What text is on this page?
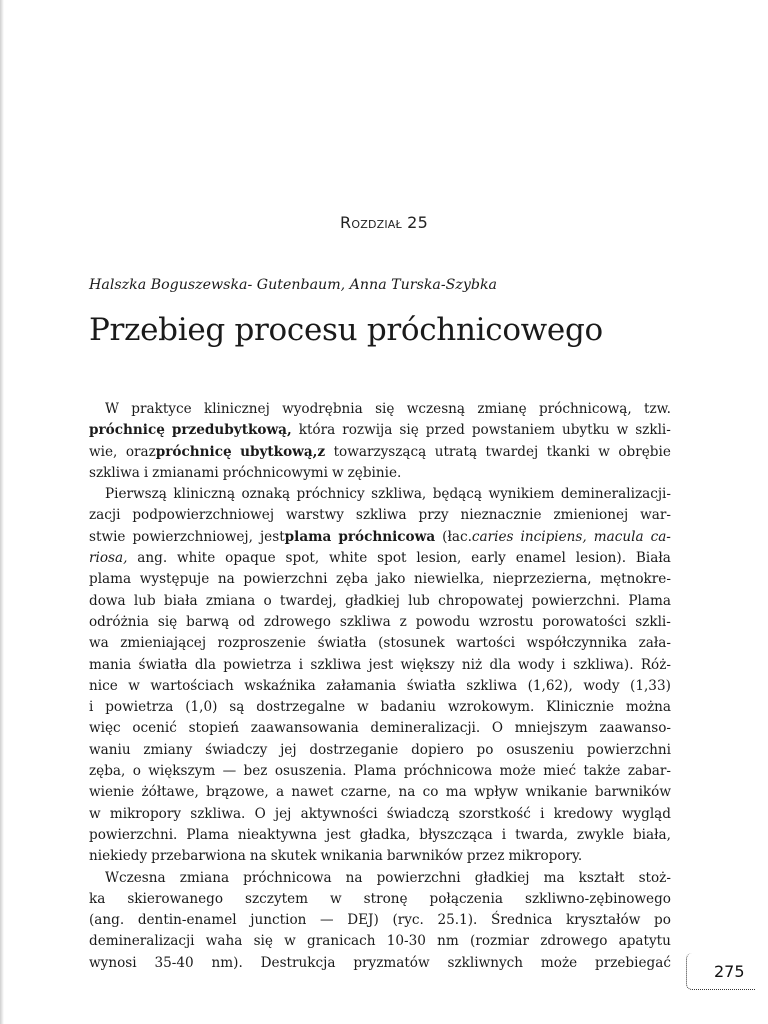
Rozdział 25
Halszka Boguszewska- Gutenbaum, Anna Turska-Szybka
Przebieg procesu próchnicowego
W praktyce klinicznej wyodrębnia się wczesną zmianę próchnicową, tzw.
próchnicę przedubytkową, która rozwija się przed powstaniem ubytku w szkli-
wie, orazpróchnicę ubytkową,z towarzyszącą utratą twardej tkanki w obrębie
szkliwa i zmianami próchnicowymi w zębinie.
Pierwszą kliniczną oznaką próchnicy szkliwa, będącą wynikiem demineralizacji-
zacji podpowierzchniowej warstwy szkliwa przy nieznacznie zmienionej war-
stwie powierzchniowej, jestplama próchnicowa (łac.caries incipiens, macula ca-
riosa, ang. white opaque spot, white spot lesion, early enamel lesion). Biała
plama występuje na powierzchni zęba jako niewielka, nieprzezierna, mętnokre-
dowa lub biała zmiana o twardej, gładkiej lub chropowatej powierzchni. Plama
odróżnia się barwą od zdrowego szkliwa z powodu wzrostu porowatości szkli-
wa zmieniającej rozproszenie światła (stosunek wartości współczynnika zała-
mania światła dla powietrza i szkliwa jest większy niż dla wody i szkliwa). Róż-
nice w wartościach wskaźnika załamania światła szkliwa (1,62), wody (1,33)
i powietrza (1,0) są dostrzegalne w badaniu wzrokowym. Klinicznie można
więc ocenić stopień zaawansowania demineralizacji. O mniejszym zaawanso-
waniu zmiany świadczy jej dostrzeganie dopiero po osuszeniu powierzchni
zęba, o większym — bez osuszenia. Plama próchnicowa może mieć także zabar-
wienie żółtawe, brązowe, a nawet czarne, na co ma wpływ wnikanie barwników
w mikropory szkliwa. O jej aktywności świadczą szorstkość i kredowy wygląd
powierzchni. Plama nieaktywna jest gładka, błyszcząca i twarda, zwykle biała,
niekiedy przebarwiona na skutek wnikania barwników przez mikropory.
Wczesna zmiana próchnicowa na powierzchni gładkiej ma kształt stoż-
ka skierowanego szczytem w stronę połączenia szkliwno-zębinowego
(ang. dentin-enamel junction — DEJ) (ryc. 25.1). Średnica kryształów po
demineralizacji waha się w granicach 10-30 nm (rozmiar zdrowego apatytu
wynosi 35-40 nm). Destrukcja pryzmatów szkliwnych może przebiegać	275
